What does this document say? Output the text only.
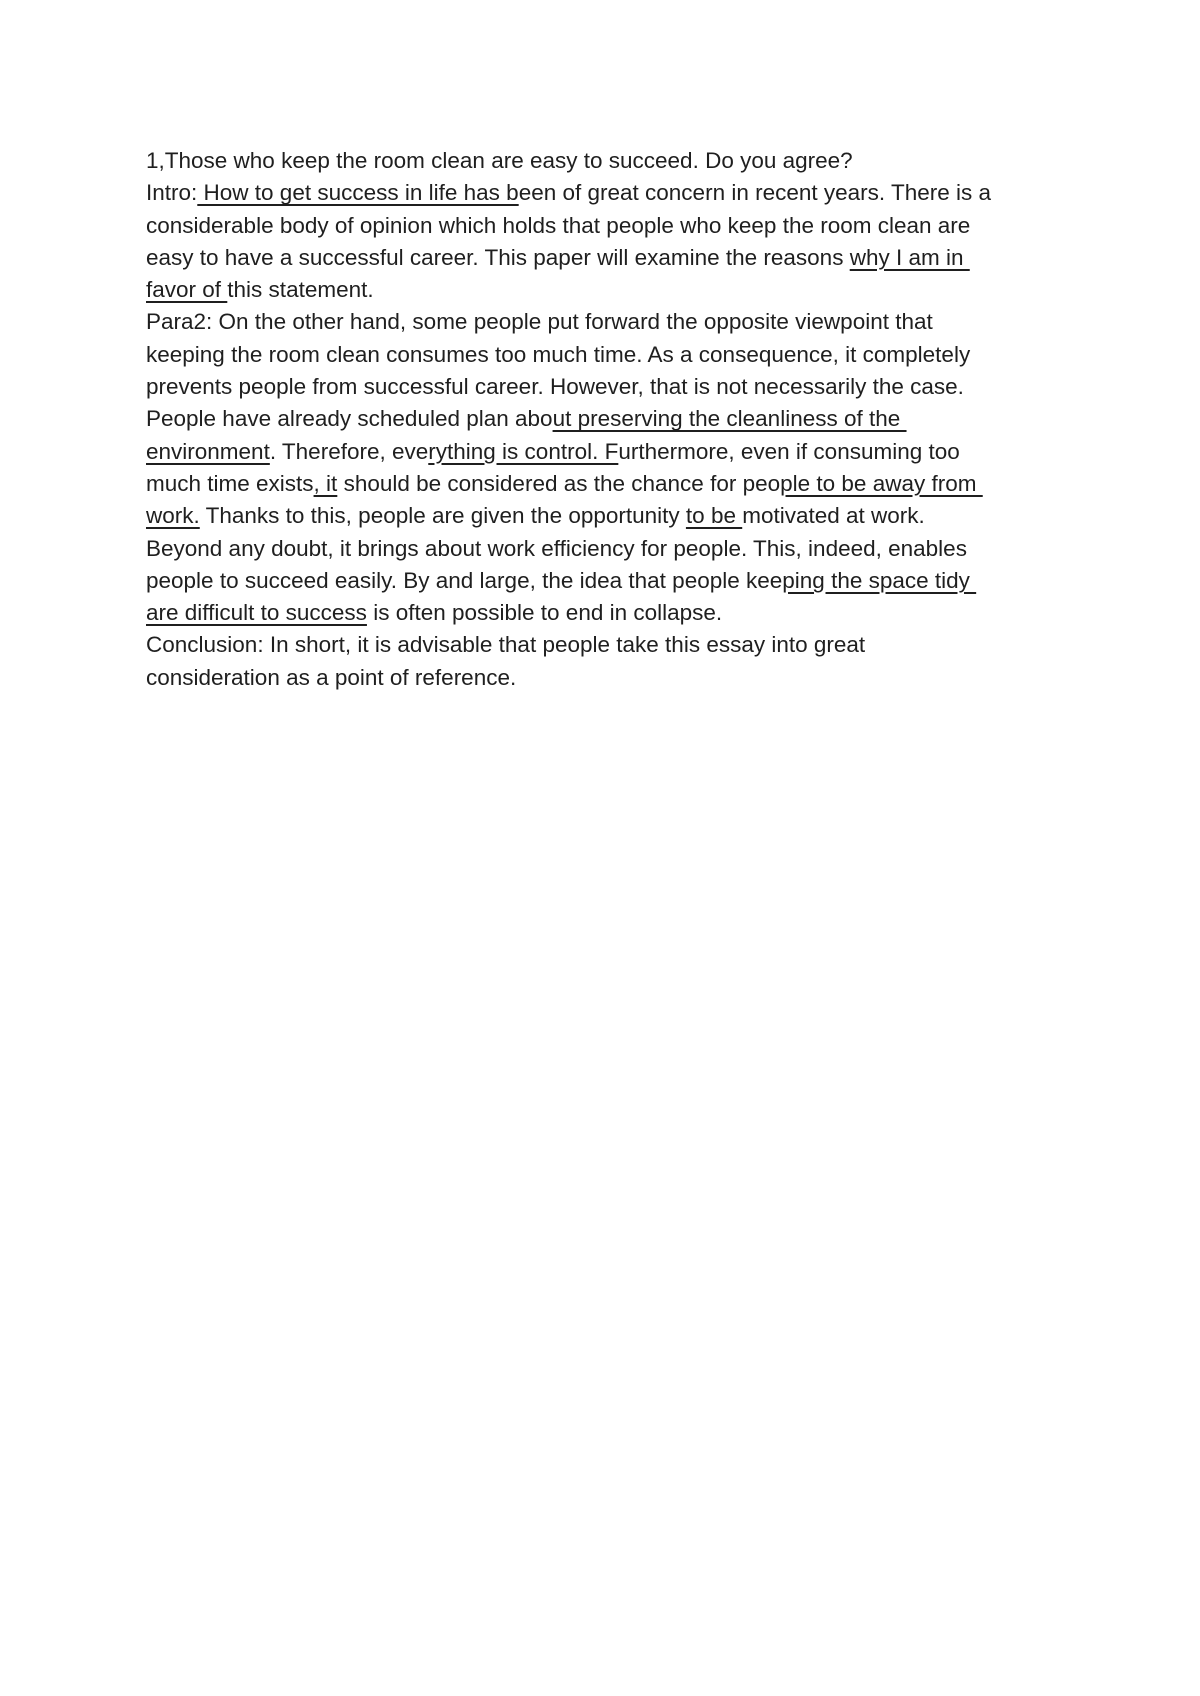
1,Those who keep the room clean are easy to succeed. Do you agree?
Intro: How to get success in life has been of great concern in recent years. There is a
considerable body of opinion which holds that people who keep the room clean are
easy to have a successful career. This paper will examine the reasons why I am in
favor of this statement.
Para2: On the other hand, some people put forward the opposite viewpoint that
keeping the room clean consumes too much time. As a consequence, it completely
prevents people from successful career. However, that is not necessarily the case.
People have already scheduled plan about preserving the cleanliness of the
environment. Therefore, everything is control. Furthermore, even if consuming too
much time exists, it should be considered as the chance for people to be away from
work. Thanks to this, people are given the opportunity to be motivated at work.
Beyond any doubt, it brings about work efficiency for people. This, indeed, enables
people to succeed easily. By and large, the idea that people keeping the space tidy
are difficult to success is often possible to end in collapse.
Conclusion: In short, it is advisable that people take this essay into great
consideration as a point of reference.
